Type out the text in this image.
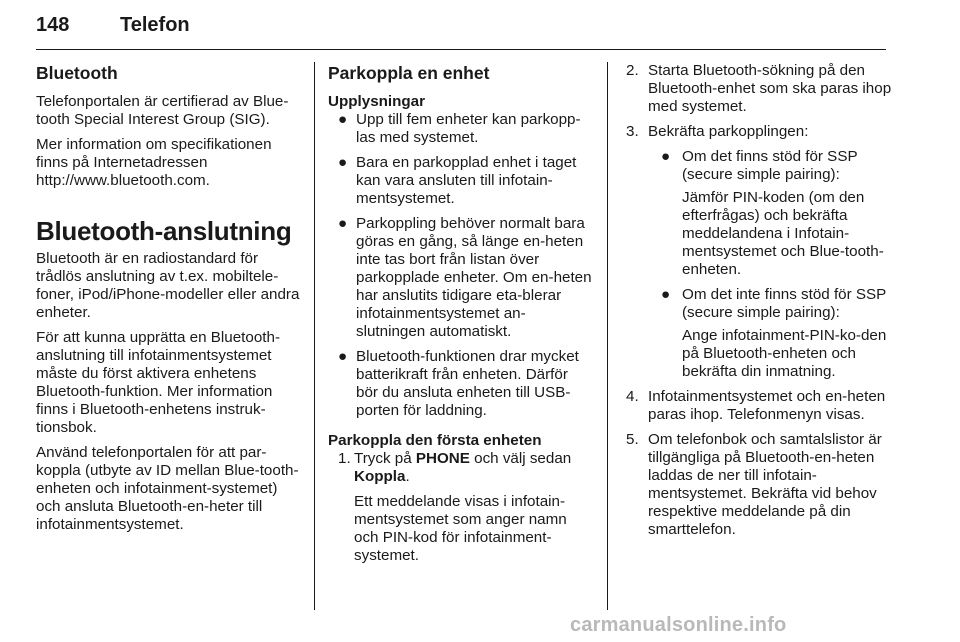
148	Telefon
Bluetooth

Telefonportalen är certifierad av Blue-tooth Special Interest Group (SIG).

Mer information om specifikationen finns på Internetadressen http://www.bluetooth.com.

Bluetooth-anslutning

Bluetooth är en radiostandard för trådlös anslutning av t.ex. mobiltele-foner, iPod/iPhone-modeller eller andra enheter.

För att kunna upprätta en Bluetooth-anslutning till infotainmentsystemet måste du först aktivera enhetens Bluetooth-funktion. Mer information finns i Bluetooth-enhetens instruk-tionsbok.

Använd telefonportalen för att par-koppla (utbyte av ID mellan Blue-tooth-enheten och infotainment-systemet) och ansluta Bluetooth-en-heter till infotainmentsystemet.

Parkoppla en enhet

Upplysningar

● Upp till fem enheter kan parkopp-las med systemet.
● Bara en parkopplad enhet i taget kan vara ansluten till infotain-mentsystemet.
● Parkoppling behöver normalt bara göras en gång, så länge en-heten inte tas bort från listan över parkopplade enheter. Om en-heten har anslutits tidigare eta-blerar infotainmentsystemet an-slutningen automatiskt.
● Bluetooth-funktionen drar mycket batterikraft från enheten. Därför bör du ansluta enheten till USB-porten för laddning.

Parkoppla den första enheten

1. Tryck på PHONE och välj sedan Koppla.

Ett meddelande visas i infotain-mentsystemet som anger namn och PIN-kod för infotainment-systemet.

2. Starta Bluetooth-sökning på den Bluetooth-enhet som ska paras ihop med systemet.
3. Bekräfta parkopplingen:
● Om det finns stöd för SSP (secure simple pairing):
Jämför PIN-koden (om den efterfrågas) och bekräfta meddelandena i Infotain-mentsystemet och Blue-tooth-enheten.
● Om det inte finns stöd för SSP (secure simple pairing):
Ange infotainment-PIN-ko-den på Bluetooth-enheten och bekräfta din inmatning.
4. Infotainmentsystemet och en-heten paras ihop. Telefonmenyn visas.
5. Om telefonbok och samtalslistor är tillgängliga på Bluetooth-en-heten laddas de ner till infotain-mentsystemet. Bekräfta vid behov respektive meddelande på din smarttelefon.
carmanualsonline.info
